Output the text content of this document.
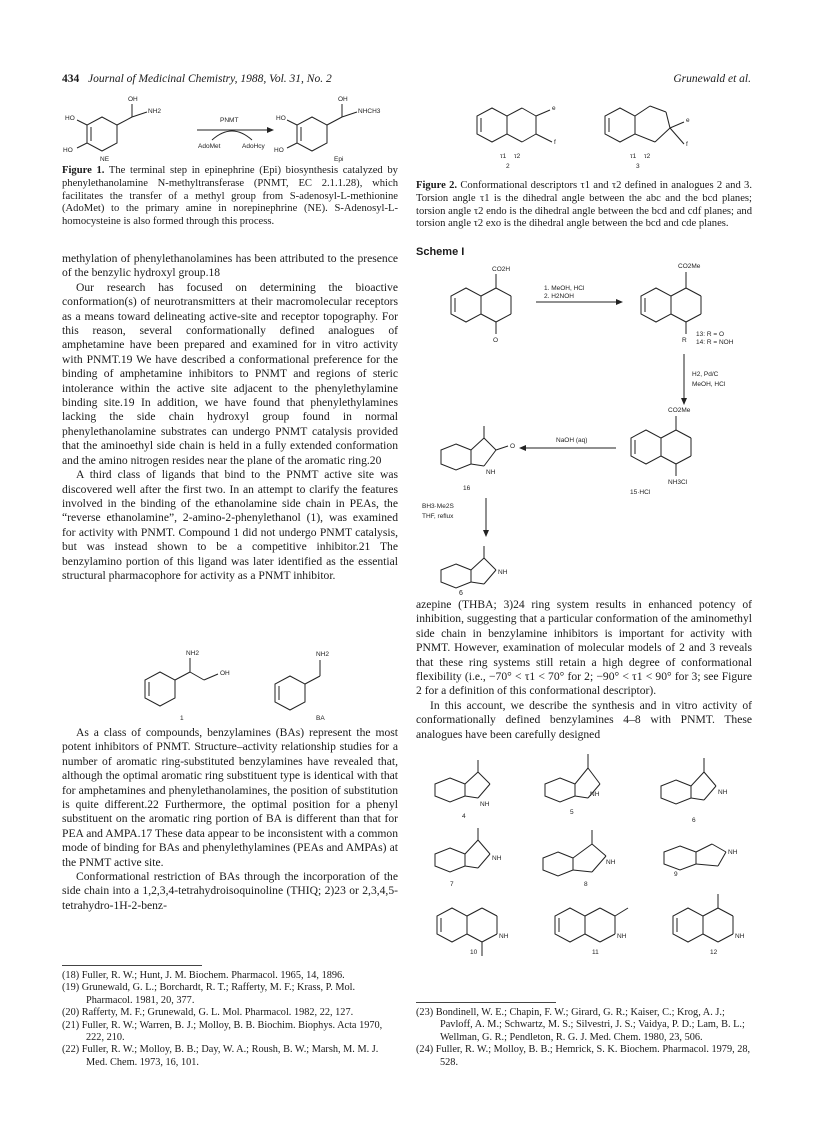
434 Journal of Medicinal Chemistry, 1988, Vol. 31, No. 2	Grunewald et al.
OH
NH2
HO
HO
NE
PNMT
AdoMet	AdoHcy
OH
NHCH3
HO
HO
Epi
Figure 1. The terminal step in epinephrine (Epi) biosynthesis catalyzed by phenylethanolamine N-methyltransferase (PNMT, EC 2.1.1.28), which facilitates the transfer of a methyl group from S-adenosyl-L-methionine (AdoMet) to the primary amine in norepinephrine (NE). S-Adenosyl-L-homocysteine is also formed through this process.

methylation of phenylethanolamines has been attributed to the presence of the benzylic hydroxyl group.18

Our research has focused on determining the bioactive conformation(s) of neurotransmitters at their macromolecular receptors as a means toward delineating active-site and receptor topography. For this reason, several conformationally defined analogues of amphetamine have been prepared and examined for in vitro activity with PNMT.19 We have described a conformational preference for the binding of amphetamine inhibitors to PNMT and regions of steric intolerance within the active site adjacent to the phenylethylamine binding site.19 In addition, we have found that phenylethylamines lacking the side chain hydroxyl group found in normal phenylethanolamine substrates can undergo PNMT catalysis provided that the aminoethyl side chain is held in a fully extended conformation and the amino nitrogen resides near the plane of the aromatic ring.20

A third class of ligands that bind to the PNMT active site was discovered well after the first two. In an attempt to clarify the features involved in the binding of the ethanolamine side chain in PEAs, the “reverse ethanolamine”, 2-amino-2-phenylethanol (1), was examined for activity with PNMT. Compound 1 did not undergo PNMT catalysis, but was instead shown to be a competitive inhibitor.21 The benzylamino portion of this ligand was later identified as the essential structural pharmacophore for activity as a PNMT inhibitor.

NH2
OH
1
NH2
BA

As a class of compounds, benzylamines (BAs) represent the most potent inhibitors of PNMT. Structure–activity relationship studies for a number of aromatic ring-substituted benzylamines have revealed that, although the optimal aromatic ring substituent type is identical with that for amphetamines and phenylethanolamines, the position of substitution is quite different.22 Furthermore, the optimal position for a phenyl substituent on the aromatic ring portion of BA is different than that for PEA and AMPA.17 These data appear to be inconsistent with a common mode of binding for BAs and phenylethylamines (PEAs and AMPAs) at the PNMT active site.

Conformational restriction of BAs through the incorporation of the side chain into a 1,2,3,4-tetrahydroisoquinoline (THIQ; 2)23 or 2,3,4,5-tetrahydro-1H-2-benz-

e
f
τ1 τ2
2
e
f
τ1 τ2
3
Figure 2. Conformational descriptors τ1 and τ2 defined in analogues 2 and 3. Torsion angle τ1 is the dihedral angle between the abc and the bcd planes; torsion angle τ2 endo is the dihedral angle between the bcd and cdf planes; and torsion angle τ2 exo is the dihedral angle between the bcd and cde planes.
Scheme I
CO2H
O
1. MeOH, HCl
2. H2NOH
CO2Me
R
13: R = O
14: R = NOH
H2, Pd/C
MeOH, HCl
CO2Me
NH3Cl
15·HCl
NaOH (aq)
O
NH
16
BH3·Me2S
THF, reflux
NH
6

azepine (THBA; 3)24 ring system results in enhanced potency of inhibition, suggesting that a particular conformation of the aminomethyl side chain in benzylamine inhibitors is important for activity with PNMT. However, examination of molecular models of 2 and 3 reveals that these ring systems still retain a high degree of conformational flexibility (i.e., −70° < τ1 < 70° for 2; −90° < τ1 < 90° for 3; see Figure 2 for a definition of this conformational descriptor).

In this account, we describe the synthesis and in vitro activity of conformationally defined benzylamines 4–8 with PNMT. These analogues have been carefully designed

NH
4
NH
5
NH
6
NH
7
NH
8
NH
9
NH
10
NH
11
NH
12
(18) Fuller, R. W.; Hunt, J. M. Biochem. Pharmacol. 1965, 14, 1896.
(19) Grunewald, G. L.; Borchardt, R. T.; Rafferty, M. F.; Krass, P. Mol. Pharmacol. 1981, 20, 377.
(20) Rafferty, M. F.; Grunewald, G. L. Mol. Pharmacol. 1982, 22, 127.
(21) Fuller, R. W.; Warren, B. J.; Molloy, B. B. Biochim. Biophys. Acta 1970, 222, 210.
(22) Fuller, R. W.; Molloy, B. B.; Day, W. A.; Roush, B. W.; Marsh, M. M. J. Med. Chem. 1973, 16, 101.
(23) Bondinell, W. E.; Chapin, F. W.; Girard, G. R.; Kaiser, C.; Krog, A. J.; Pavloff, A. M.; Schwartz, M. S.; Silvestri, J. S.; Vaidya, P. D.; Lam, B. L.; Wellman, G. R.; Pendleton, R. G. J. Med. Chem. 1980, 23, 506.
(24) Fuller, R. W.; Molloy, B. B.; Hemrick, S. K. Biochem. Pharmacol. 1979, 28, 528.
